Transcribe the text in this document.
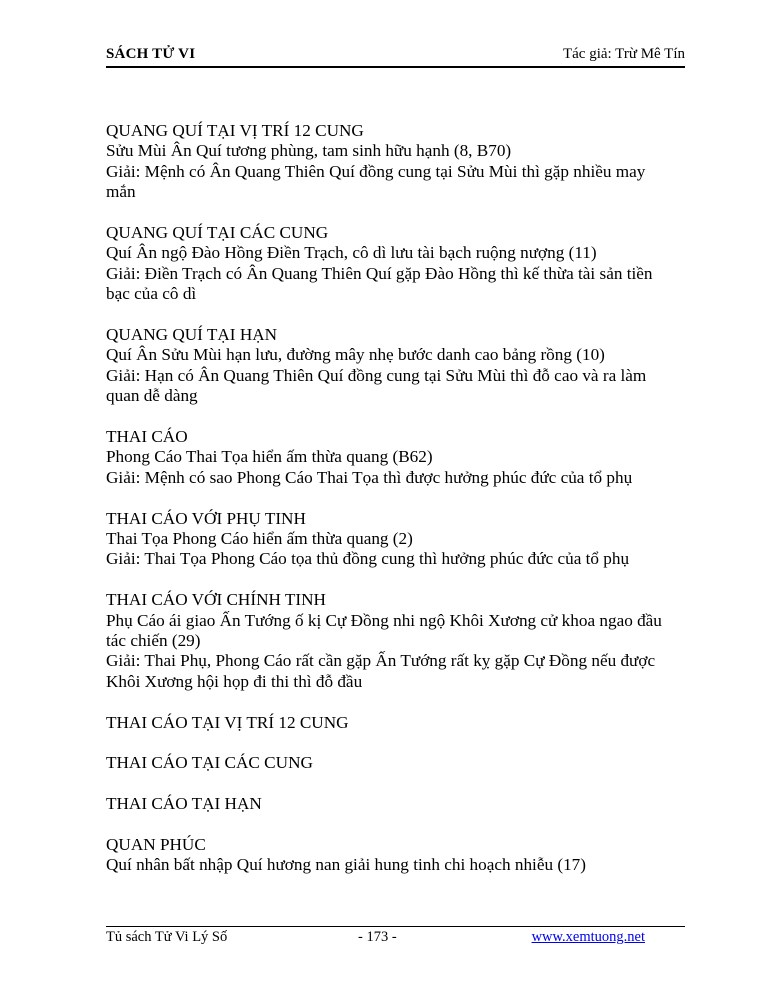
SÁCH TỬ VI	Tác giả: Trừ Mê Tín
QUANG QUÍ TẠI VỊ TRÍ 12 CUNG
Sửu Mùi Ân Quí tương phùng, tam sinh hữu hạnh (8, B70)
Giải: Mệnh có Ân Quang Thiên Quí đồng cung tại Sửu Mùi thì gặp nhiều may
mắn
QUANG QUÍ TẠI CÁC CUNG
Quí Ân ngộ Đào Hồng Điền Trạch, cô dì lưu tài bạch ruộng nượng (11)
Giải: Điền Trạch có Ân Quang Thiên Quí gặp Đào Hồng thì kế thừa tài sản tiền
bạc của cô dì
QUANG QUÍ TẠI HẠN
Quí Ân Sửu Mùi hạn lưu, đường mây nhẹ bước danh cao bảng rồng (10)
Giải: Hạn có Ân Quang Thiên Quí đồng cung tại Sửu Mùi thì đỗ cao và ra làm
quan dễ dàng
THAI CÁO
Phong Cáo Thai Tọa hiển ấm thừa quang (B62)
Giải: Mệnh có sao Phong Cáo Thai Tọa thì được hưởng phúc đức của tổ phụ
THAI CÁO VỚI PHỤ TINH
Thai Tọa Phong Cáo hiển ấm thừa quang (2)
Giải: Thai Tọa Phong Cáo tọa thủ đồng cung thì hưởng phúc đức của tổ phụ
THAI CÁO VỚI CHÍNH TINH
Phụ Cáo ái giao Ấn Tướng ố kị Cự Đồng nhi ngộ Khôi Xương cử khoa ngao đầu
tác chiến (29)
Giải: Thai Phụ, Phong Cáo rất cần gặp Ấn Tướng rất kỵ gặp Cự Đồng nếu được
Khôi Xương hội họp đi thi thì đỗ đầu
THAI CÁO TẠI VỊ TRÍ 12 CUNG
THAI CÁO TẠI CÁC CUNG
THAI CÁO TẠI HẠN
QUAN PHÚC
Quí nhân bất nhập Quí hương nan giải hung tinh chi hoạch nhiễu (17)
Tủ sách Tử Vi Lý Số	- 173 -	www.xemtuong.net
